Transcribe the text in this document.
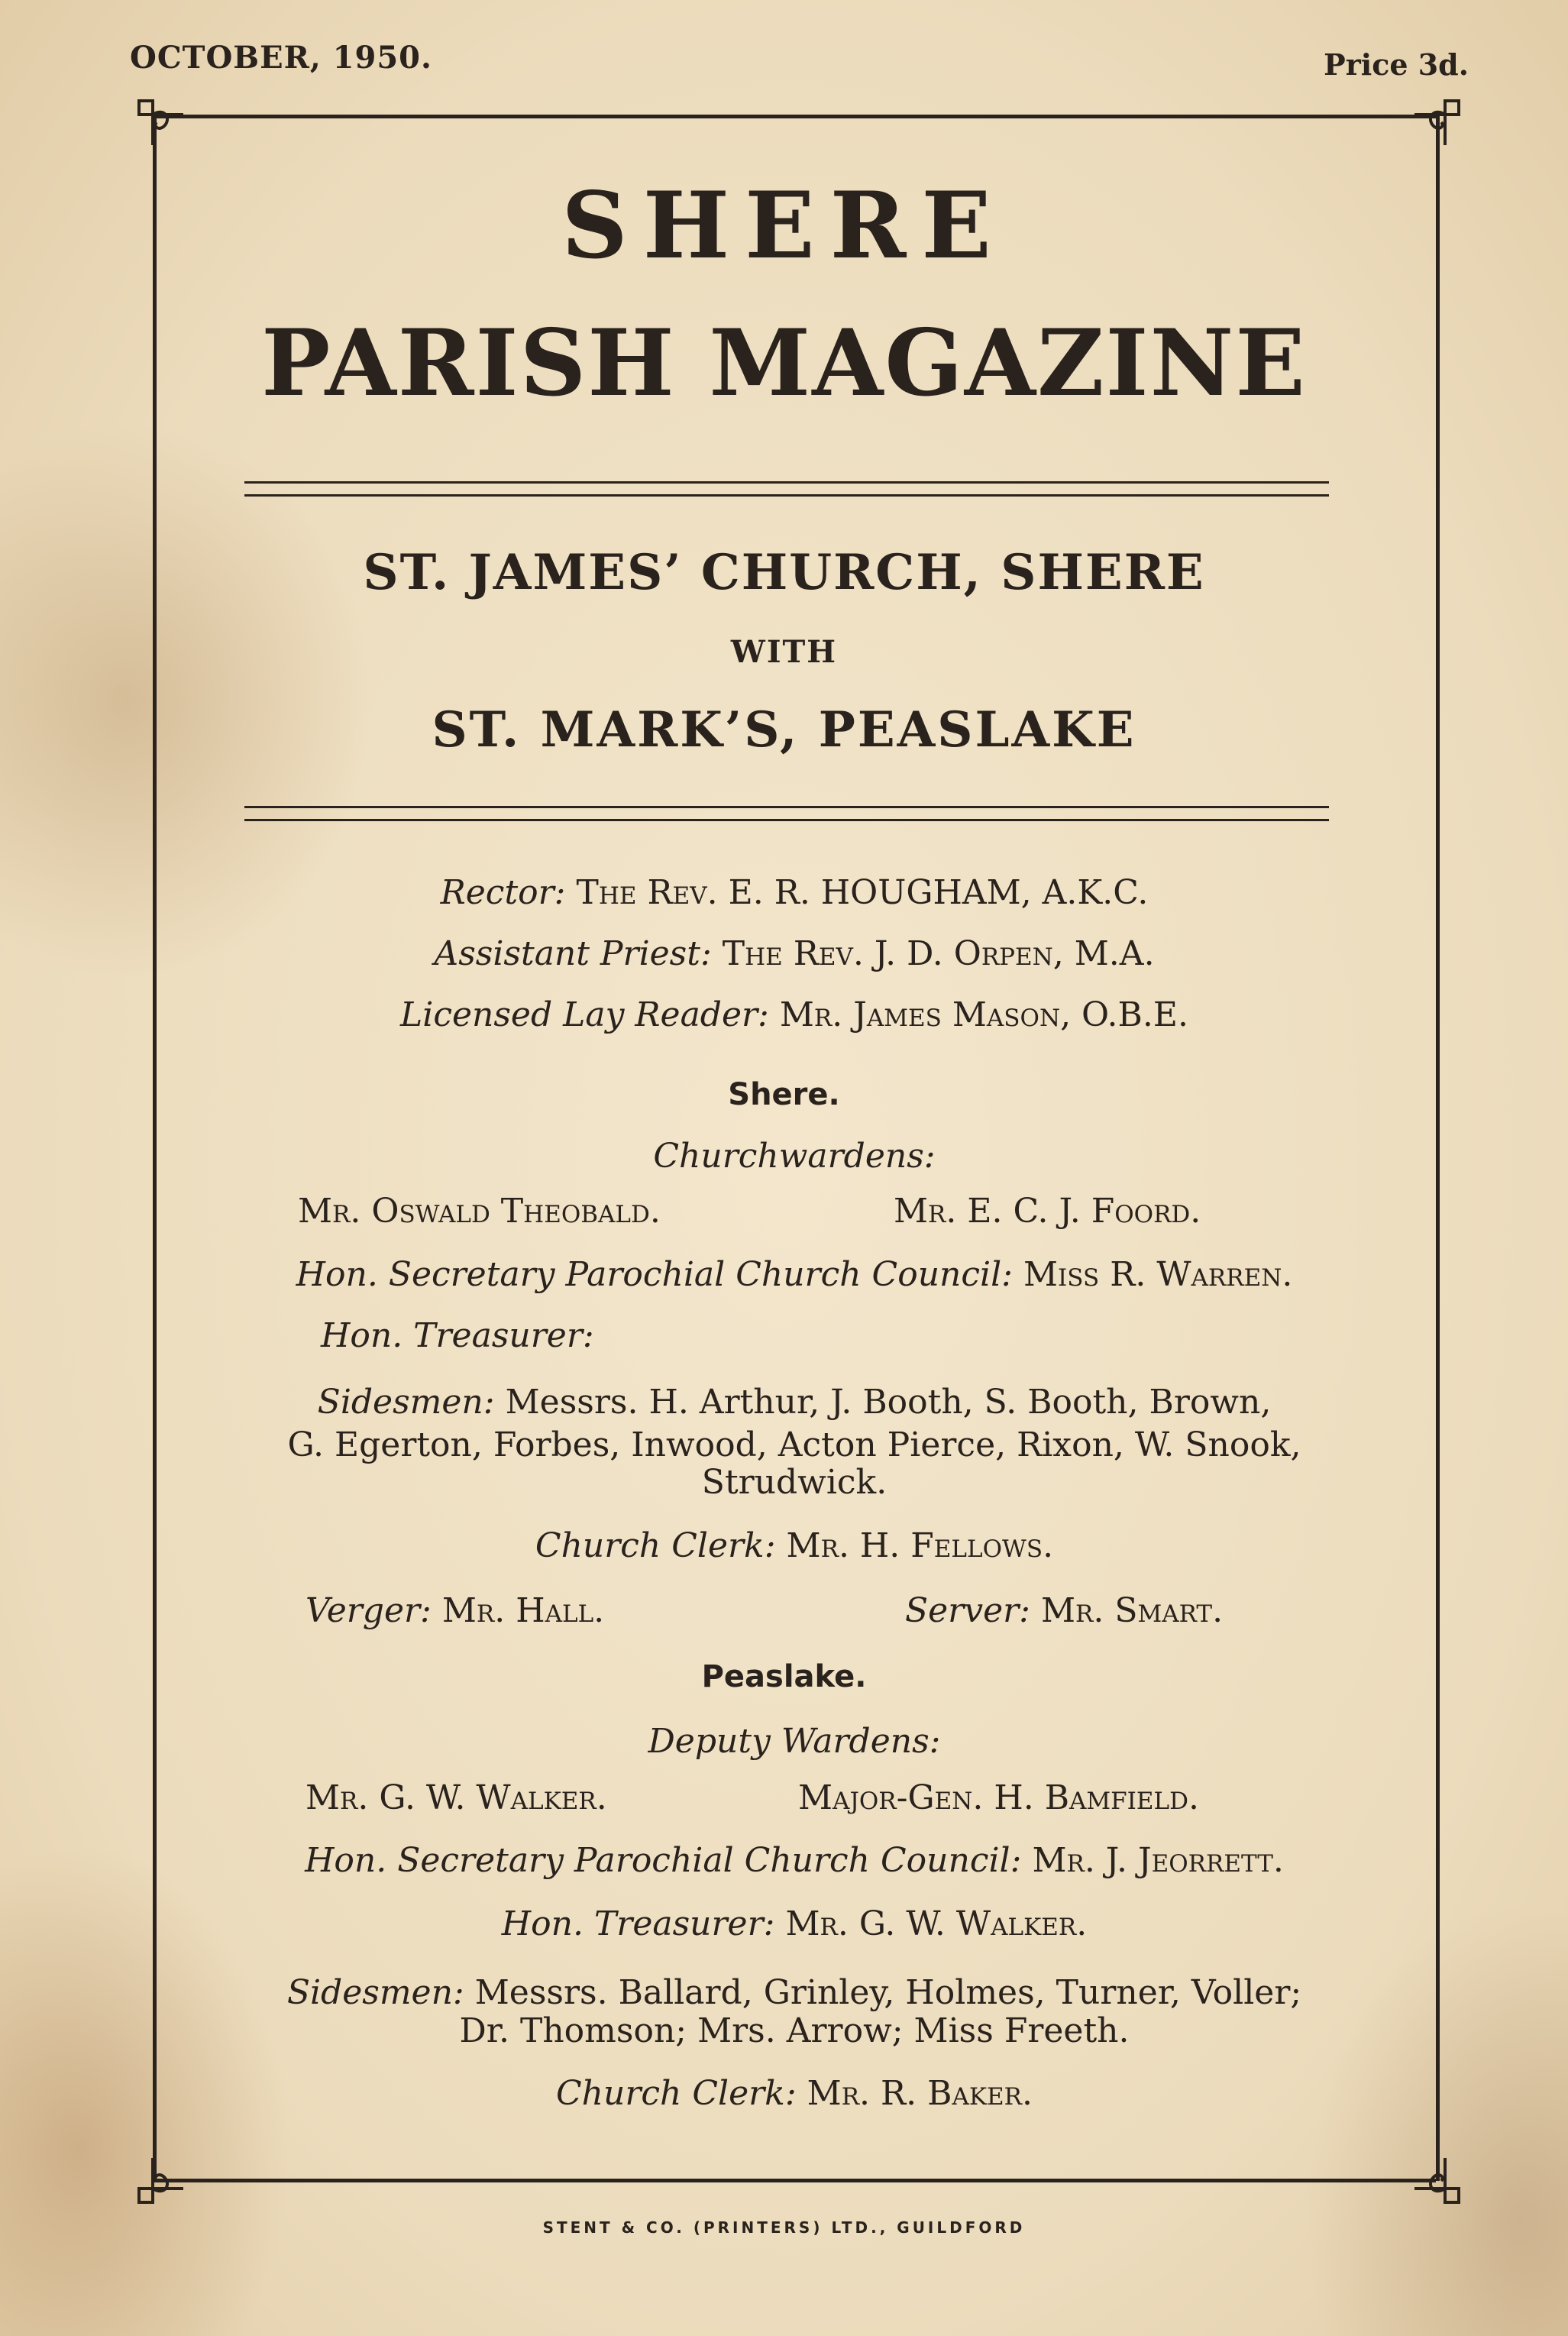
OCTOBER, 1950.	Price 3d.
SHERE
PARISH MAGAZINE
ST. JAMES’ CHURCH, SHERE
WITH
ST. MARK’S, PEASLAKE
Rector: The Rev. E. R. HOUGHAM, A.K.C.
Assistant Priest: The Rev. J. D. Orpen, M.A.
Licensed Lay Reader: Mr. James Mason, O.B.E.
Shere.
Churchwardens:
Mr. Oswald Theobald.	Mr. E. C. J. Foord.
Hon. Secretary Parochial Church Council: Miss R. Warren.
Hon. Treasurer:
Sidesmen: Messrs. H. Arthur, J. Booth, S. Booth, Brown,
G. Egerton, Forbes, Inwood, Acton Pierce, Rixon, W. Snook,
Strudwick.
Church Clerk: Mr. H. Fellows.
Verger: Mr. Hall.	Server: Mr. Smart.
Peaslake.
Deputy Wardens:
Mr. G. W. Walker.	Major-Gen. H. Bamfield.
Hon. Secretary Parochial Church Council: Mr. J. Jeorrett.
Hon. Treasurer: Mr. G. W. Walker.
Sidesmen: Messrs. Ballard, Grinley, Holmes, Turner, Voller;
Dr. Thomson; Mrs. Arrow; Miss Freeth.
Church Clerk: Mr. R. Baker.
STENT & CO. (PRINTERS) LTD., GUILDFORD
